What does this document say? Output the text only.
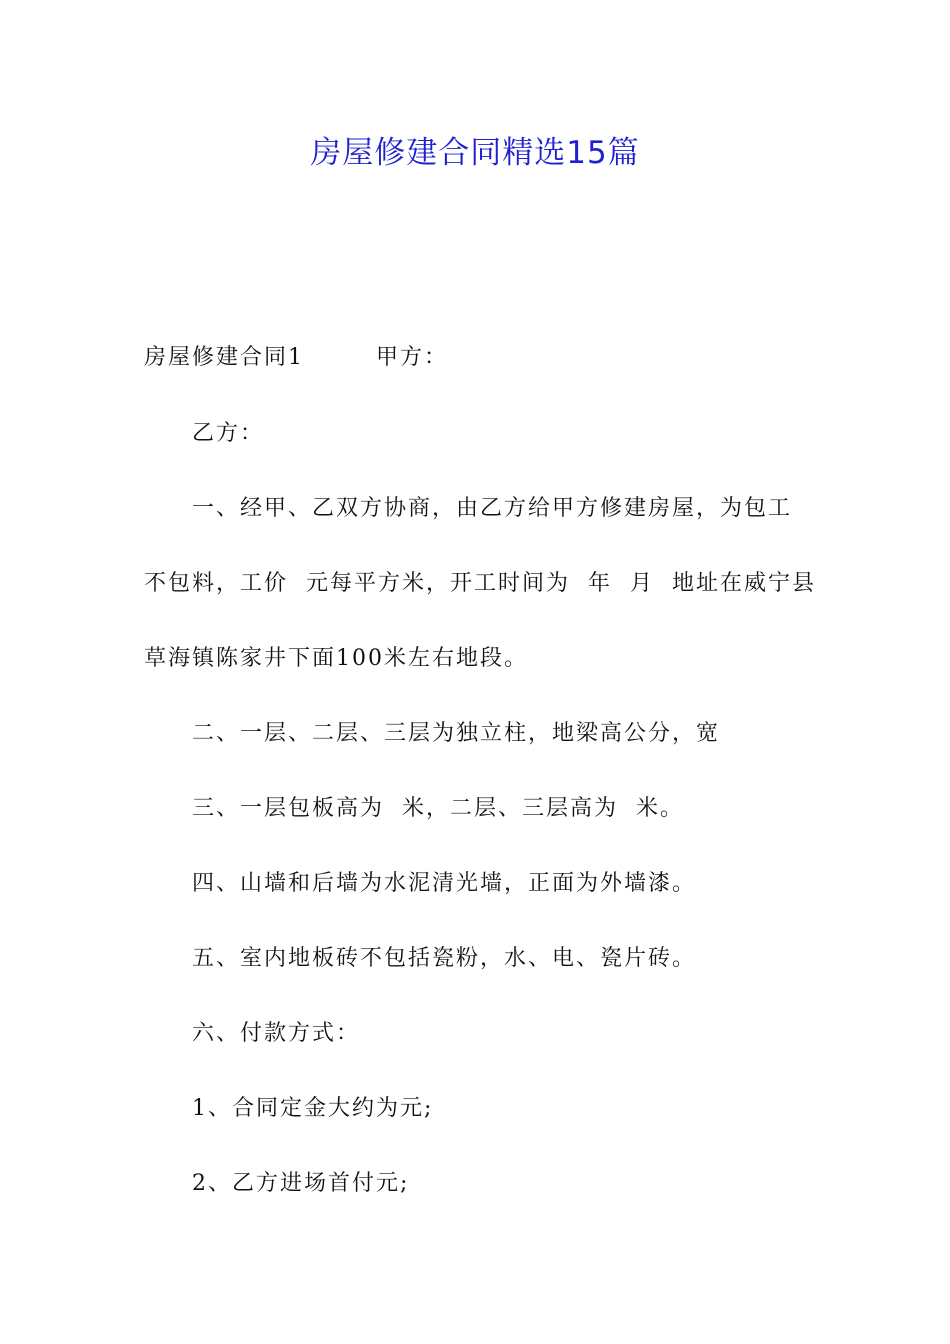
房屋修建合同精选15篇
房屋修建合同1        甲方：
乙方：
一、经甲、乙双方协商，由乙方给甲方修建房屋，为包工
不包料，工价  元每平方米，开工时间为  年  月  地址在威宁县
草海镇陈家井下面100米左右地段。
二、一层、二层、三层为独立柱，地梁高公分，宽
三、一层包板高为  米，二层、三层高为  米。
四、山墙和后墙为水泥清光墙，正面为外墙漆。
五、室内地板砖不包括瓷粉，水、电、瓷片砖。
六、付款方式：
1、合同定金大约为元;
2、乙方进场首付元;
